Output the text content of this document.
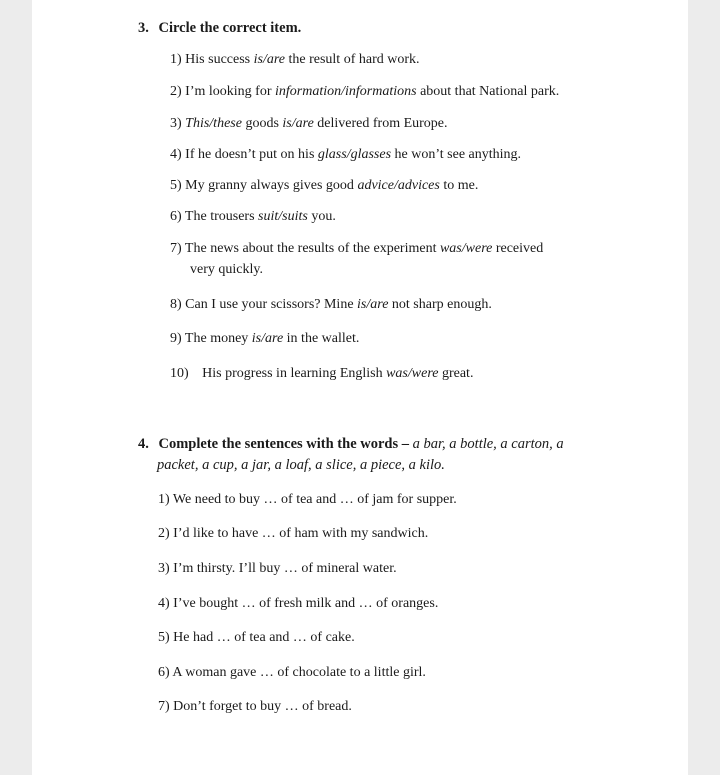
3. Circle the correct item.
1) His success is/are the result of hard work.
2) I’m looking for information/informations about that National park.
3) This/these goods is/are delivered from Europe.
4) If he doesn’t put on his glass/glasses he won’t see anything.
5) My granny always gives good advice/advices to me.
6) The trousers suit/suits you.
7) The news about the results of the experiment was/were received
very quickly.
8) Can I use your scissors? Mine is/are not sharp enough.
9) The money is/are in the wallet.
10) His progress in learning English was/were great.
4. Complete the sentences with the words – a bar, a bottle, a carton, a
packet, a cup, a jar, a loaf, a slice, a piece, a kilo.
1) We need to buy … of tea and … of jam for supper.
2) I’d like to have … of ham with my sandwich.
3) I’m thirsty. I’ll buy … of mineral water.
4) I’ve bought … of fresh milk and … of oranges.
5) He had … of tea and … of cake.
6) A woman gave … of chocolate to a little girl.
7) Don’t forget to buy … of bread.
